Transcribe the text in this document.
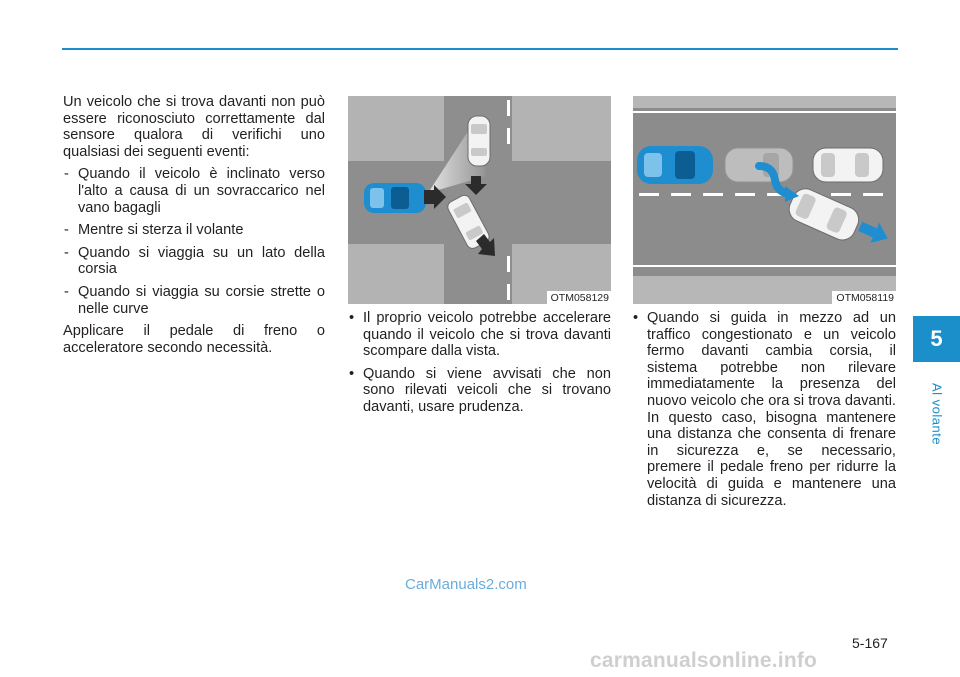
Un veicolo che si trova davanti non può essere riconosciuto correttamente dal sensore qualora di verifichi uno qualsiasi dei seguenti eventi:

- Quando il veicolo è inclinato verso l'alto a causa di un sovraccarico nel vano bagagli
- Mentre si sterza il volante
- Quando si viaggia su un lato della corsia
- Quando si viaggia su corsie strette o nelle curve

Applicare il pedale di freno o acceleratore secondo necessità.

OTM058129	OTM058119
• Il proprio veicolo potrebbe accelerare quando il veicolo che si trova davanti scompare dalla vista.
• Quando si viene avvisati che non sono rilevati veicoli che si trovano davanti, usare prudenza.
• Quando si guida in mezzo ad un traffico congestionato e un veicolo fermo davanti cambia corsia, il sistema potrebbe non rilevare immediatamente la presenza del nuovo veicolo che ora si trova davanti. In questo caso, bisogna mantenere una distanza che consenta di frenare in sicurezza e, se necessario, premere il pedale freno per ridurre la velocità di guida e mantenere una distanza di sicurezza.
5
Al volante
CarManuals2.com
5-167
carmanualsonline.info
